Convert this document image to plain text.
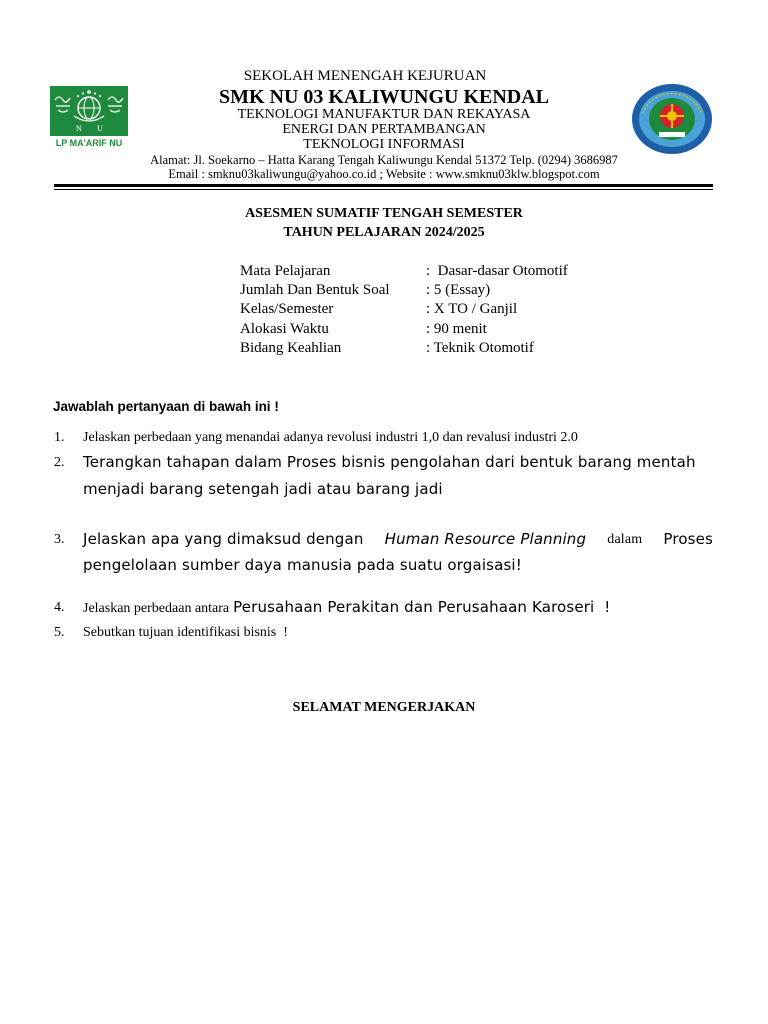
N U
LP MA'ARIF NU
SEKOLAH MENENGAH KEJURUAN
SMK NU 03 KALIWUNGU KENDAL
TEKNOLOGI MANUFAKTUR DAN REKAYASA
ENERGI DAN PERTAMBANGAN
TEKNOLOGI INFORMASI
Alamat: Jl. Soekarno – Hatta Karang Tengah Kaliwungu Kendal 51372 Telp. (0294) 3686987
Email : smknu03kaliwungu@yahoo.co.id ; Website : www.smknu03klw.blogspot.com
ASESMEN SUMATIF TENGAH SEMESTER
TAHUN PELAJARAN 2024/2025
Mata Pelajaran	:  Dasar-dasar Otomotif
Jumlah Dan Bentuk Soal : 5 (Essay)
Kelas/Semester	: X TO / Ganjil
Alokasi Waktu	: 90 menit
Bidang Keahlian	: Teknik Otomotif
Jawablah pertanyaan di bawah ini !
1. Jelaskan perbedaan yang menandai adanya revolusi industri 1,0 dan revalusi industri 2.0
2. Terangkan tahapan dalam Proses bisnis pengolahan dari bentuk barang mentah
menjadi barang setengah jadi atau barang jadi
3. Jelaskan apa yang dimaksud dengan Human Resource Planning dalam Proses
pengelolaan sumber daya manusia pada suatu orgaisasi!
4. Jelaskan perbedaan antara Perusahaan Perakitan dan Perusahaan Karoseri  !
5. Sebutkan tujuan identifikasi bisnis  !
SELAMAT MENGERJAKAN
